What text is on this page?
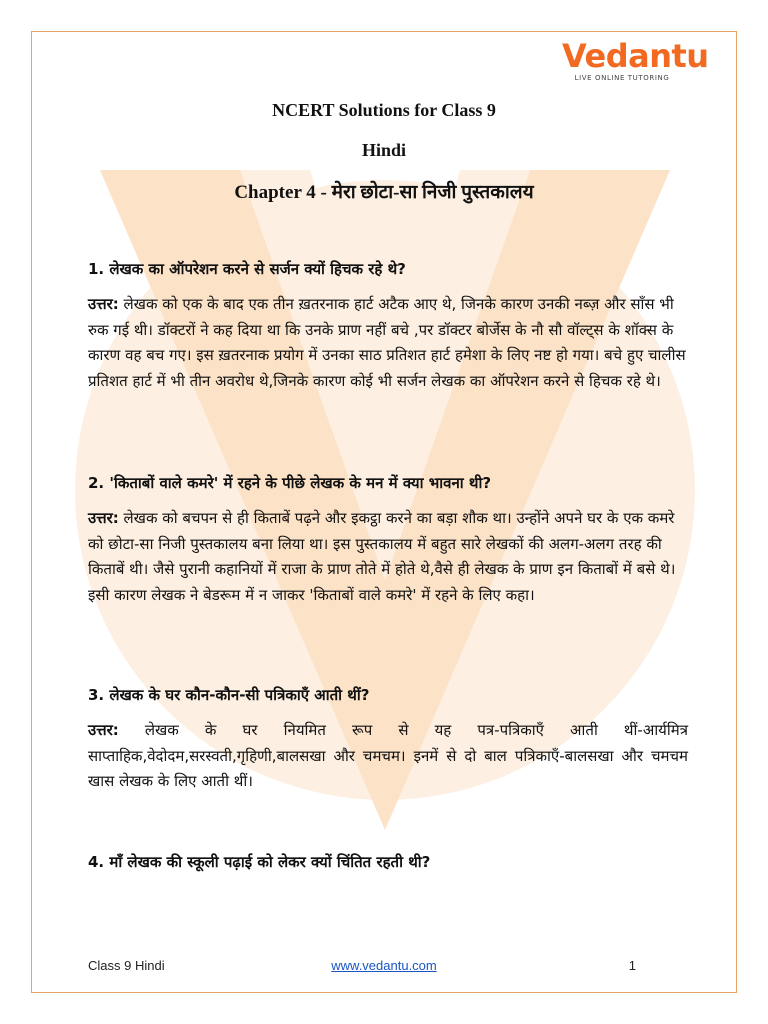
Vedantu
LIVE ONLINE TUTORING
NCERT Solutions for Class 9
Hindi
Chapter 4 - मेरा छोटा-सा निजी पुस्तकालय

1. लेखक का ऑपरेशन करने से सर्जन क्यों हिचक रहे थे?

उत्तर: लेखक को एक के बाद एक तीन ख़तरनाक हार्ट अटैक आए थे, जिनके कारण उनकी नब्ज़ और साँस भी रुक गई थी। डॉक्टरों ने कह दिया था कि उनके प्राण नहीं बचे ,पर डॉक्टर बोर्जेस के नौ सौ वॉल्ट्स के शॉक्स के कारण वह बच गए। इस ख़तरनाक प्रयोग में उनका साठ प्रतिशत हार्ट हमेशा के लिए नष्ट हो गया। बचे हुए चालीस प्रतिशत हार्ट में भी तीन अवरोध थे,जिनके कारण कोई भी सर्जन लेखक का ऑपरेशन करने से हिचक रहे थे।

2. 'किताबों वाले कमरे' में रहने के पीछे लेखक के मन में क्या भावना थी?

उत्तर: लेखक को बचपन से ही किताबें पढ़ने और इकट्ठा करने का बड़ा शौक था। उन्होंने अपने घर के एक कमरे को छोटा-सा निजी पुस्तकालय बना लिया था। इस पुस्तकालय में बहुत सारे लेखकों की अलग-अलग तरह की किताबें थी। जैसे पुरानी कहानियों में राजा के प्राण तोते में होते थे,वैसे ही लेखक के प्राण इन किताबों में बसे थे। इसी कारण लेखक ने बेडरूम में न जाकर 'किताबों वाले कमरे' में रहने के लिए कहा।

3. लेखक के घर कौन-कौन-सी पत्रिकाएँ आती थीं?

उत्तर: लेखक के घर नियमित रूप से यह पत्र-पत्रिकाएँ आती थीं-आर्यमित्र साप्ताहिक,वेदोदम,सरस्वती,गृहिणी,बालसखा और चमचम। इनमें से दो बाल पत्रिकाएँ-बालसखा और चमचम खास लेखक के लिए आती थीं।

4. माँ लेखक की स्कूली पढ़ाई को लेकर क्यों चिंतित रहती थी?

Class 9 Hindi	www.vedantu.com	1
